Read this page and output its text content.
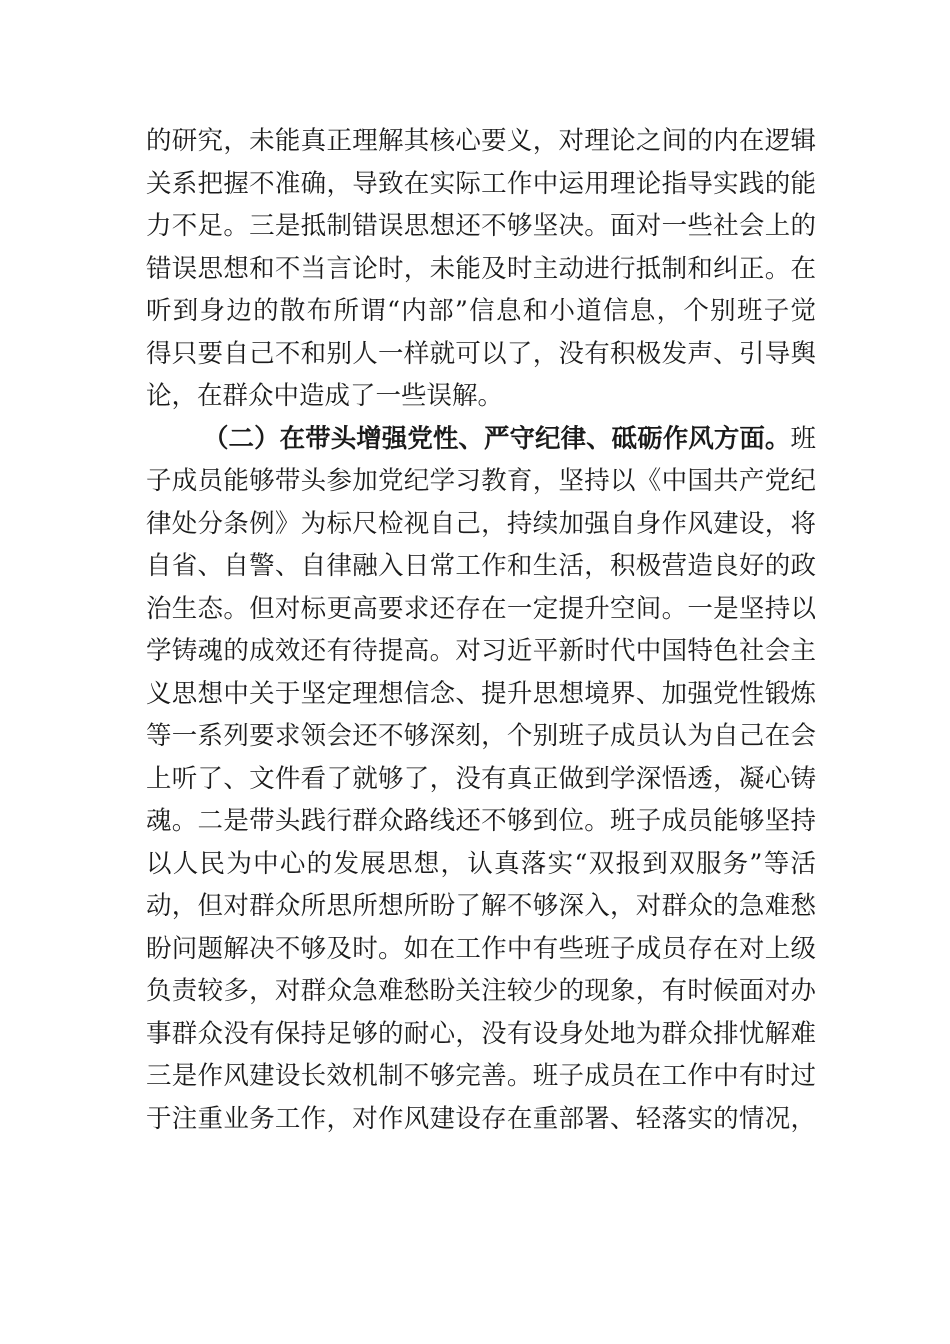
的研究，未能真正理解其核心要义，对理论之间的内在逻辑
关系把握不准确，导致在实际工作中运用理论指导实践的能
力不足。三是抵制错误思想还不够坚决。面对一些社会上的
错误思想和不当言论时，未能及时主动进行抵制和纠正。在
听到身边的散布所谓“内部”信息和小道信息，个别班子觉
得只要自己不和别人一样就可以了，没有积极发声、引导舆
论，在群众中造成了一些误解。
（二）在带头增强党性、严守纪律、砥砺作风方面。班
子成员能够带头参加党纪学习教育，坚持以《中国共产党纪
律处分条例》为标尺检视自己，持续加强自身作风建设，将
自省、自警、自律融入日常工作和生活，积极营造良好的政
治生态。但对标更高要求还存在一定提升空间。一是坚持以
学铸魂的成效还有待提高。对习近平新时代中国特色社会主
义思想中关于坚定理想信念、提升思想境界、加强党性锻炼
等一系列要求领会还不够深刻，个别班子成员认为自己在会
上听了、文件看了就够了，没有真正做到学深悟透，凝心铸
魂。二是带头践行群众路线还不够到位。班子成员能够坚持
以人民为中心的发展思想，认真落实“双报到双服务”等活
动，但对群众所思所想所盼了解不够深入，对群众的急难愁
盼问题解决不够及时。如在工作中有些班子成员存在对上级
负责较多，对群众急难愁盼关注较少的现象，有时候面对办
事群众没有保持足够的耐心，没有设身处地为群众排忧解难
三是作风建设长效机制不够完善。班子成员在工作中有时过
于注重业务工作，对作风建设存在重部署、轻落实的情况，
